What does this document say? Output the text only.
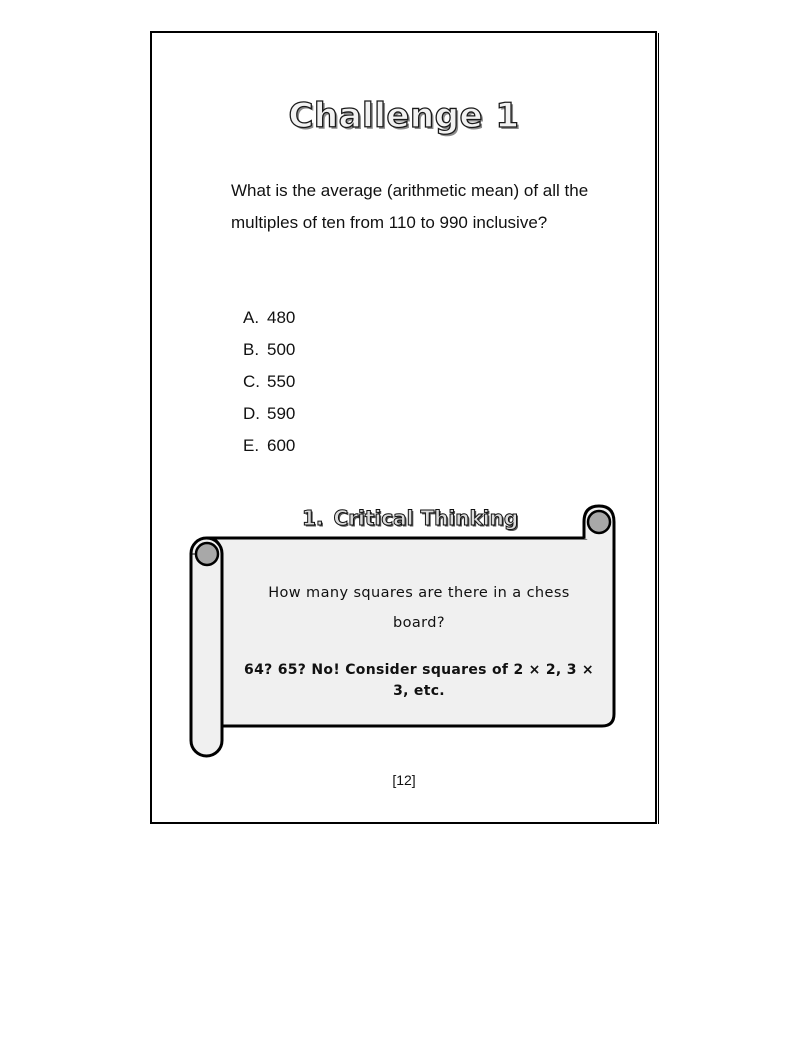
Challenge 1

What is the average (arithmetic mean) of all the multiples of ten from 110 to 990 inclusive?

A. 480
B. 500
C. 550
D. 590
E. 600
1. Critical Thinking

How many squares are there in a chess board?

64? 65? No! Consider squares of 2 × 2, 3 × 3, etc.

[12]
